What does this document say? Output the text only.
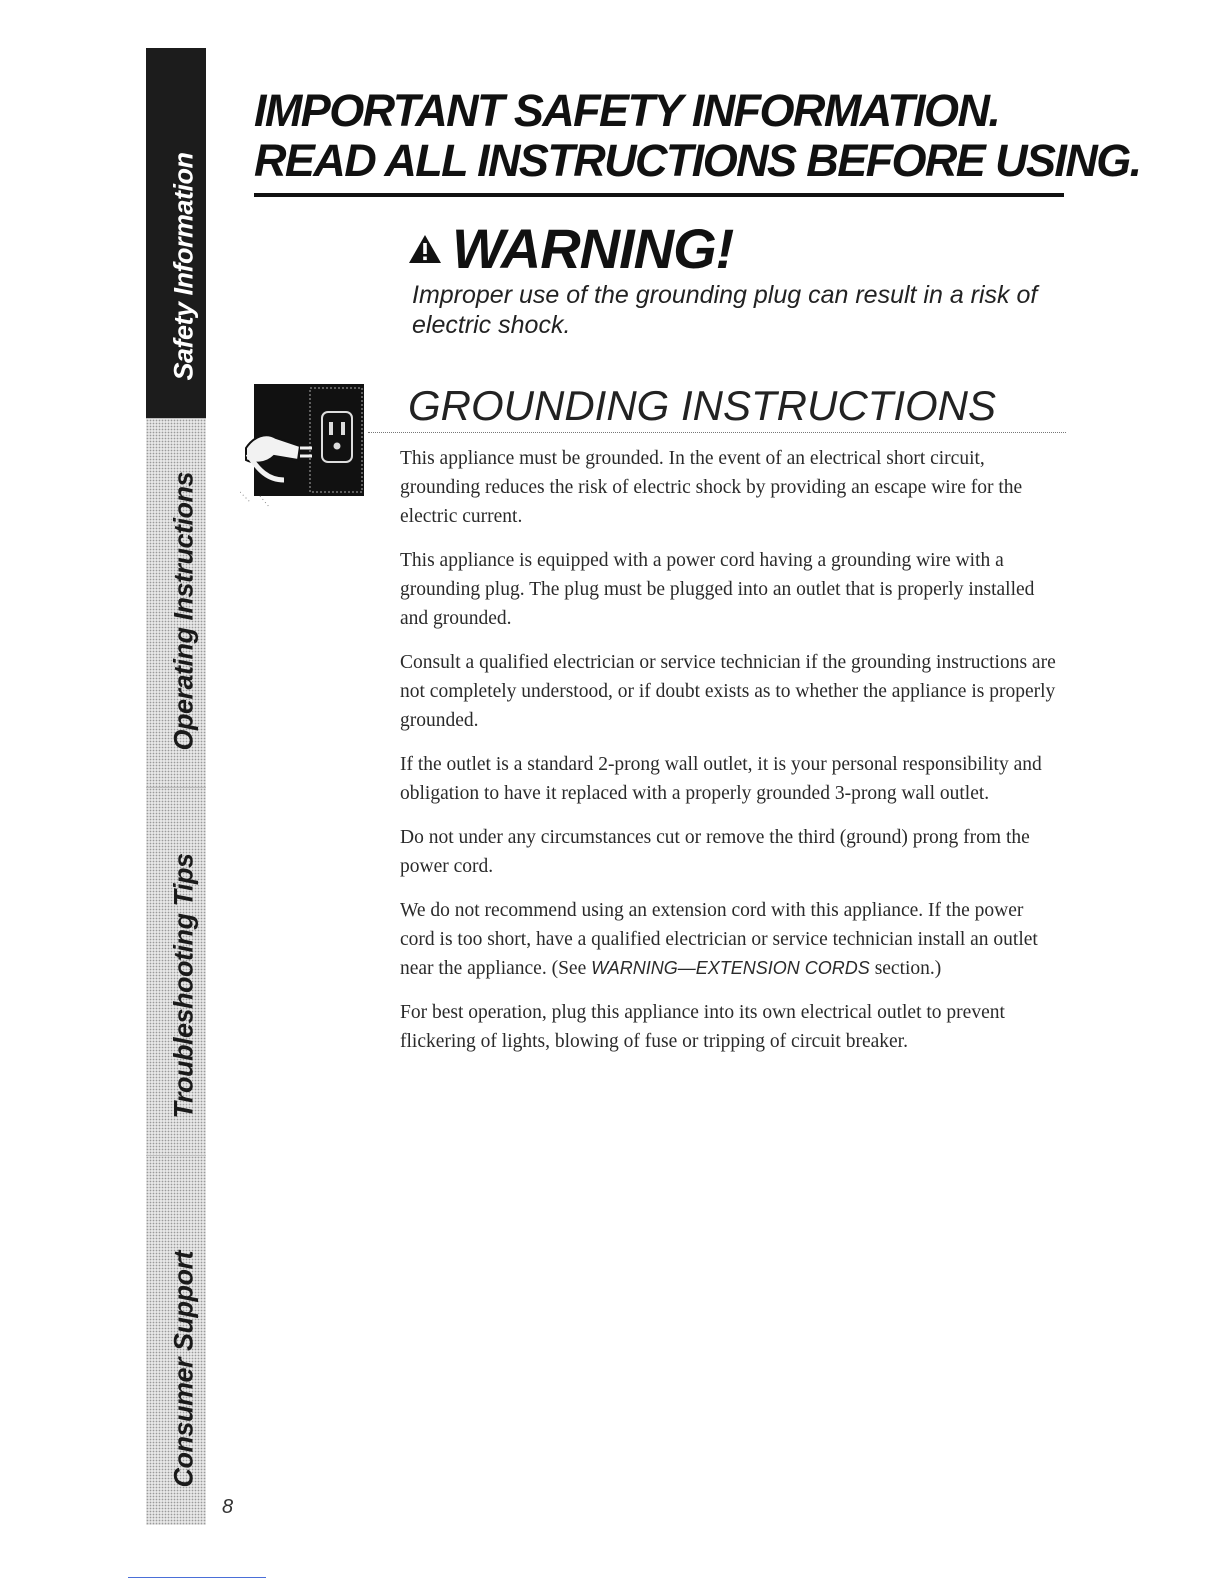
Safety Information
Operating Instructions
Troubleshooting Tips
Consumer Support
IMPORTANT SAFETY INFORMATION.
READ ALL INSTRUCTIONS BEFORE USING.
WARNING!
Improper use of the grounding plug can result in a risk of electric shock.
GROUNDING INSTRUCTIONS

This appliance must be grounded. In the event of an electrical short circuit, grounding reduces the risk of electric shock by providing an escape wire for the electric current.

This appliance is equipped with a power cord having a grounding wire with a grounding plug. The plug must be plugged into an outlet that is properly installed and grounded.

Consult a qualified electrician or service technician if the grounding instructions are not completely understood, or if doubt exists as to whether the appliance is properly grounded.

If the outlet is a standard 2-prong wall outlet, it is your personal responsibility and obligation to have it replaced with a properly grounded 3-prong wall outlet.

Do not under any circumstances cut or remove the third (ground) prong from the power cord.

We do not recommend using an extension cord with this appliance. If the power cord is too short, have a qualified electrician or service technician install an outlet near the appliance. (See WARNING—EXTENSION CORDS section.)

For best operation, plug this appliance into its own electrical outlet to prevent flickering of lights, blowing of fuse or tripping of circuit breaker.

8
